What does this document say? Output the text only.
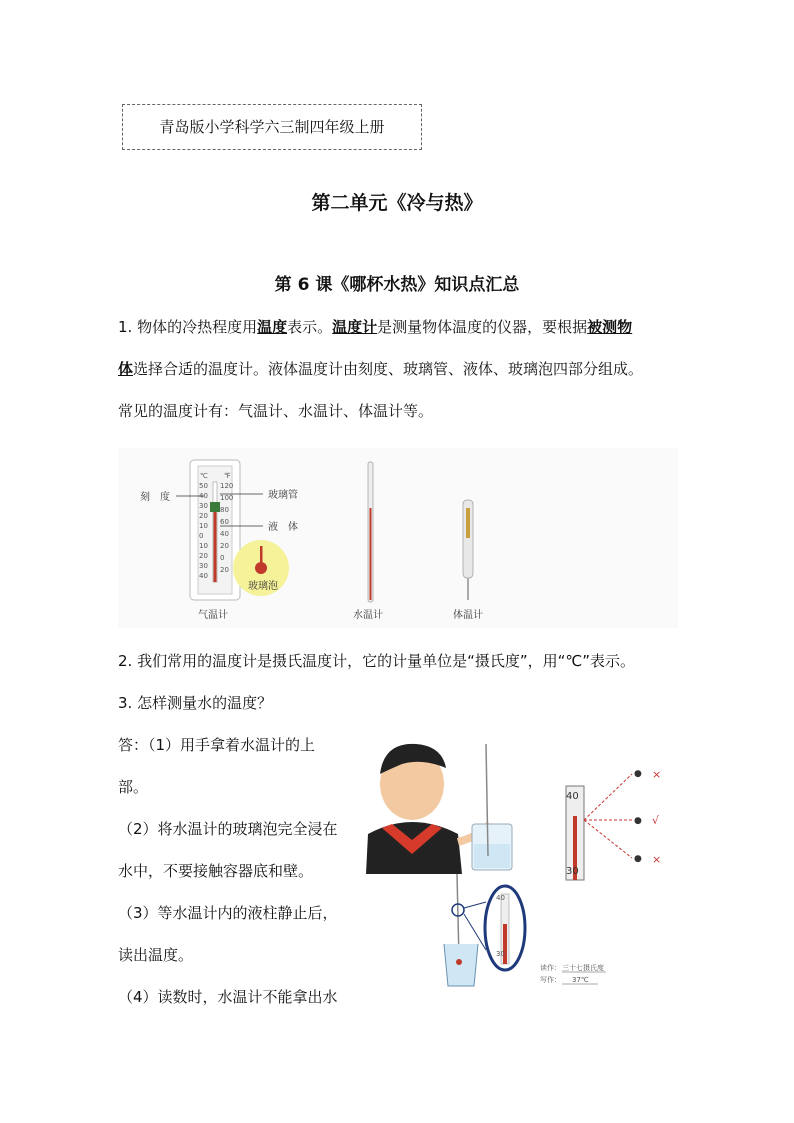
青岛版小学科学六三制四年级上册
第二单元《冷与热》
第 6 课《哪杯水热》知识点汇总
1. 物体的冷热程度用温度表示。温度计是测量物体温度的仪器，要根据被测物
体选择合适的温度计。液体温度计由刻度、玻璃管、液体、玻璃泡四部分组成。
常见的温度计有：气温计、水温计、体温计等。
℃ ℉
50
40
30
20
10
0
10
20
30
40
120
100
80
60
40
20
0
20
刻　度	玻璃管
液　体
玻璃泡
气温计	水温计	体温计
2. 我们常用的温度计是摄氏温度计，它的计量单位是“摄氏度”，用“℃”表示。
3. 怎样测量水的温度？
答：（1）用手拿着水温计的上
部。
（2）将水温计的玻璃泡完全浸在
水中，不要接触容器底和壁。
（3）等水温计内的液柱静止后，
读出温度。
（4）读数时，水温计不能拿出水
40
30
●
●
●
×
√
×
40
30
读作： 三十七摄氏度
写作： 37℃
